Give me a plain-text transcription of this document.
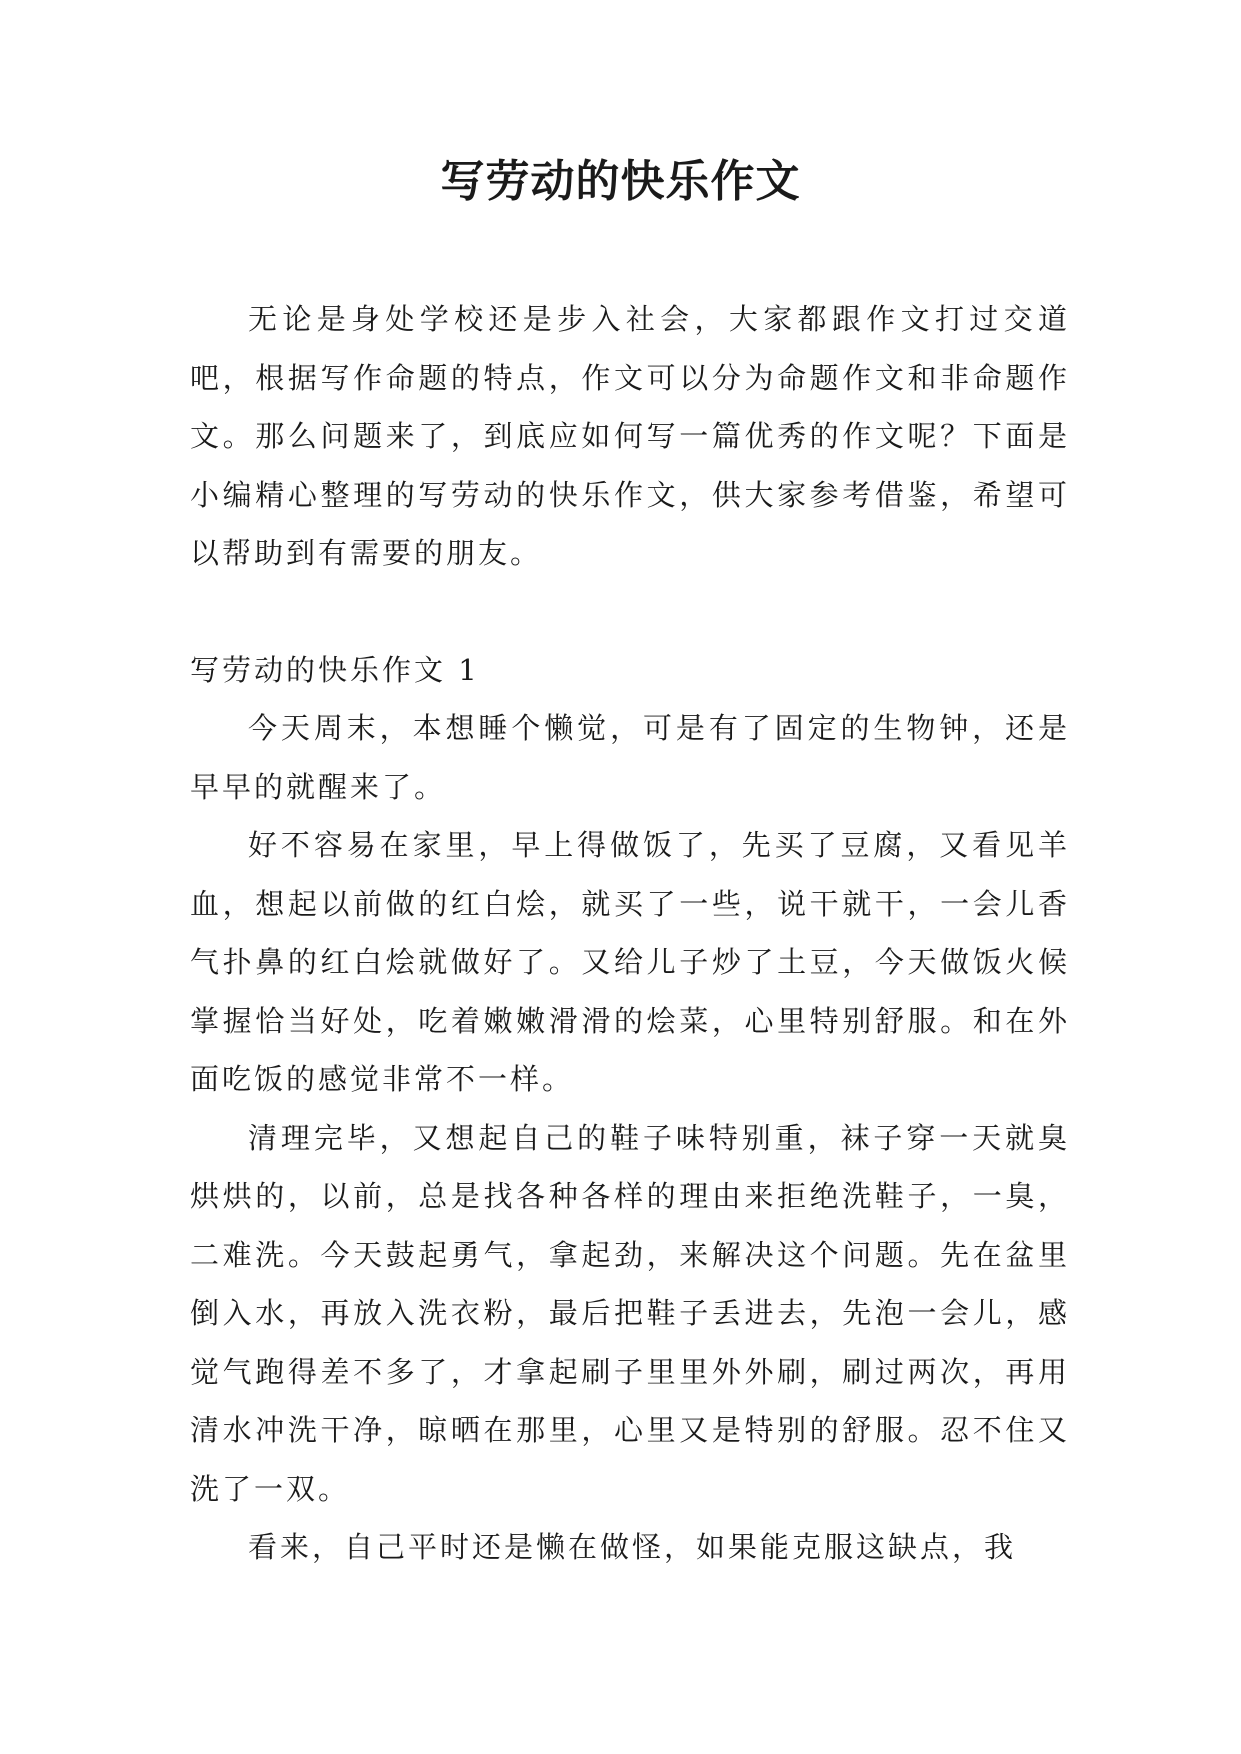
写劳动的快乐作文

无论是身处学校还是步入社会，大家都跟作文打过交道吧，根据写作命题的特点，作文可以分为命题作文和非命题作文。那么问题来了，到底应如何写一篇优秀的作文呢？下面是小编精心整理的写劳动的快乐作文，供大家参考借鉴，希望可以帮助到有需要的朋友。

写劳动的快乐作文 1

今天周末，本想睡个懒觉，可是有了固定的生物钟，还是早早的就醒来了。

好不容易在家里，早上得做饭了，先买了豆腐，又看见羊血，想起以前做的红白烩，就买了一些，说干就干，一会儿香气扑鼻的红白烩就做好了。又给儿子炒了土豆，今天做饭火候掌握恰当好处，吃着嫩嫩滑滑的烩菜，心里特别舒服。和在外面吃饭的感觉非常不一样。

清理完毕，又想起自己的鞋子味特别重，袜子穿一天就臭烘烘的，以前，总是找各种各样的理由来拒绝洗鞋子，一臭，二难洗。今天鼓起勇气，拿起劲，来解决这个问题。先在盆里倒入水，再放入洗衣粉，最后把鞋子丢进去，先泡一会儿，感觉气跑得差不多了，才拿起刷子里里外外刷，刷过两次，再用清水冲洗干净，晾晒在那里，心里又是特别的舒服。忍不住又洗了一双。

看来，自己平时还是懒在做怪，如果能克服这缺点，我
